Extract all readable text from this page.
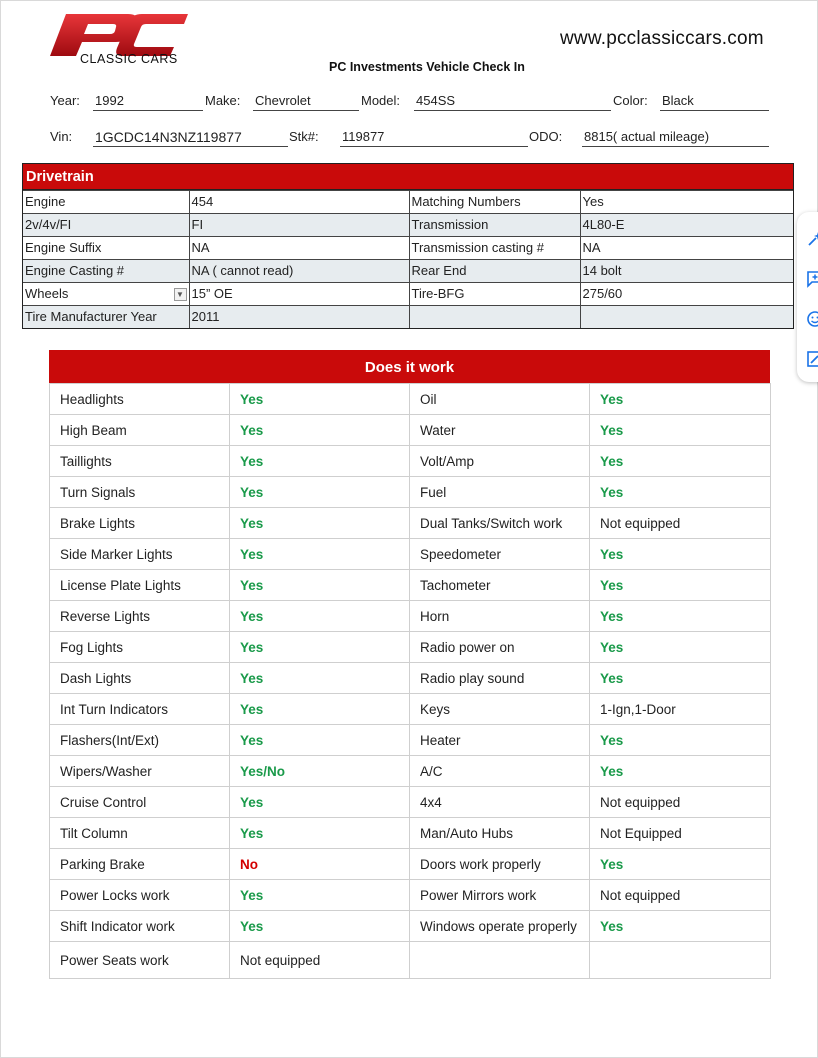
CLASSIC CARS
www.pcclassiccars.com
PC Investments Vehicle Check In
Year: 1992	Make: Chevrolet	Model: 454SS	Color: Black
Vin: 1GCDC14N3NZ119877	Stk#: 119877	ODO: 8815( actual mileage)
Drivetrain
Engine	454	Matching Numbers	Yes
2v/4v/FI	FI	Transmission	4L80-E
Engine Suffix	NA	Transmission casting #	NA
Engine Casting #	NA ( cannot read)	Rear End	14 bolt
Wheels ▼	15” OE	Tire-BFG	275/60
Tire Manufacturer Year	2011		
Does it work
Headlights	Yes	Oil	Yes
High Beam	Yes	Water	Yes
Taillights	Yes	Volt/Amp	Yes
Turn Signals	Yes	Fuel	Yes
Brake Lights	Yes	Dual Tanks/Switch work	Not equipped
Side Marker Lights	Yes	Speedometer	Yes
License Plate Lights	Yes	Tachometer	Yes
Reverse Lights	Yes	Horn	Yes
Fog Lights	Yes	Radio power on	Yes
Dash Lights	Yes	Radio play sound	Yes
Int Turn Indicators	Yes	Keys	1-Ign,1-Door
Flashers(Int/Ext)	Yes	Heater	Yes
Wipers/Washer	Yes/No	A/C	Yes
Cruise Control	Yes	4x4	Not equipped
Tilt Column	Yes	Man/Auto Hubs	Not Equipped
Parking Brake	No	Doors work properly	Yes
Power Locks work	Yes	Power Mirrors work	Not equipped
Shift Indicator work	Yes	Windows operate properly	Yes
Power Seats work	Not equipped		
